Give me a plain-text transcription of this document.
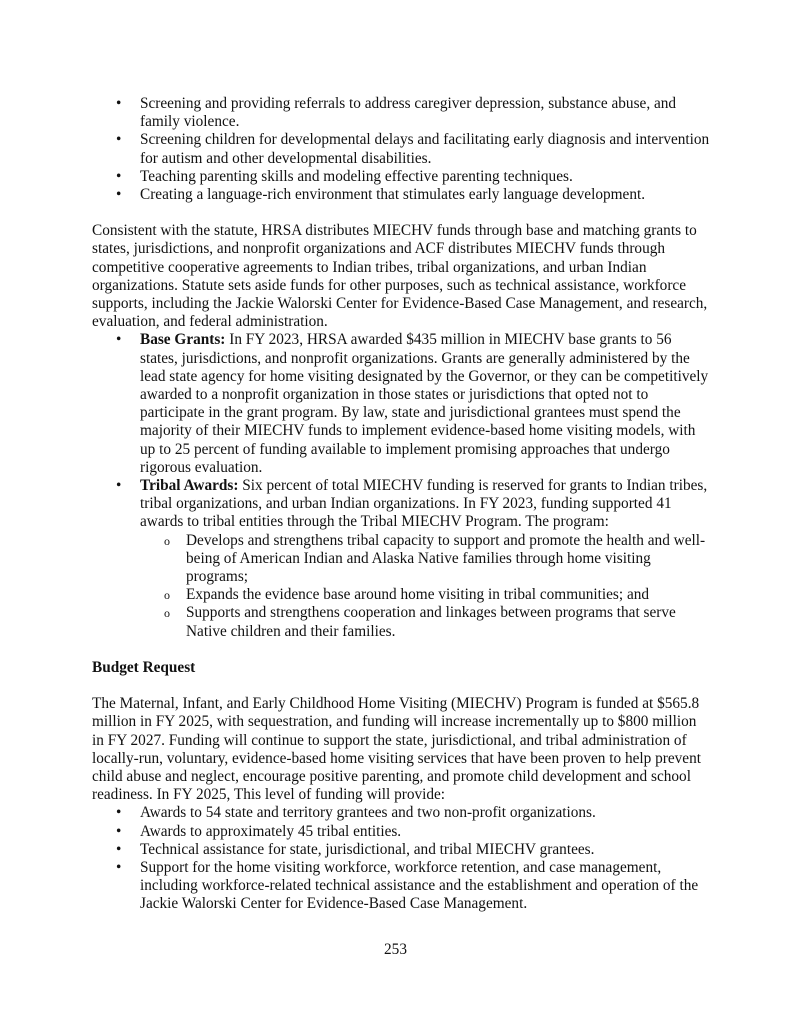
• Screening and providing referrals to address caregiver depression, substance abuse, and family violence.
• Screening children for developmental delays and facilitating early diagnosis and intervention for autism and other developmental disabilities.
• Teaching parenting skills and modeling effective parenting techniques.
• Creating a language-rich environment that stimulates early language development.

Consistent with the statute, HRSA distributes MIECHV funds through base and matching grants to states, jurisdictions, and nonprofit organizations and ACF distributes MIECHV funds through competitive cooperative agreements to Indian tribes, tribal organizations, and urban Indian organizations. Statute sets aside funds for other purposes, such as technical assistance, workforce supports, including the Jackie Walorski Center for Evidence-Based Case Management, and research, evaluation, and federal administration.

• Base Grants: In FY 2023, HRSA awarded $435 million in MIECHV base grants to 56 states, jurisdictions, and nonprofit organizations. Grants are generally administered by the lead state agency for home visiting designated by the Governor, or they can be competitively awarded to a nonprofit organization in those states or jurisdictions that opted not to participate in the grant program. By law, state and jurisdictional grantees must spend the majority of their MIECHV funds to implement evidence-based home visiting models, with up to 25 percent of funding available to implement promising approaches that undergo rigorous evaluation.
• Tribal Awards: Six percent of total MIECHV funding is reserved for grants to Indian tribes, tribal organizations, and urban Indian organizations. In FY 2023, funding supported 41 awards to tribal entities through the Tribal MIECHV Program. The program:
o Develops and strengthens tribal capacity to support and promote the health and well-being of American Indian and Alaska Native families through home visiting programs;
o Expands the evidence base around home visiting in tribal communities; and
o Supports and strengthens cooperation and linkages between programs that serve Native children and their families.

Budget Request

The Maternal, Infant, and Early Childhood Home Visiting (MIECHV) Program is funded at $565.8 million in FY 2025, with sequestration, and funding will increase incrementally up to $800 million in FY 2027. Funding will continue to support the state, jurisdictional, and tribal administration of locally-run, voluntary, evidence-based home visiting services that have been proven to help prevent child abuse and neglect, encourage positive parenting, and promote child development and school readiness. In FY 2025, This level of funding will provide:

• Awards to 54 state and territory grantees and two non-profit organizations.
• Awards to approximately 45 tribal entities.
• Technical assistance for state, jurisdictional, and tribal MIECHV grantees.
• Support for the home visiting workforce, workforce retention, and case management, including workforce-related technical assistance and the establishment and operation of the Jackie Walorski Center for Evidence-Based Case Management.
253
